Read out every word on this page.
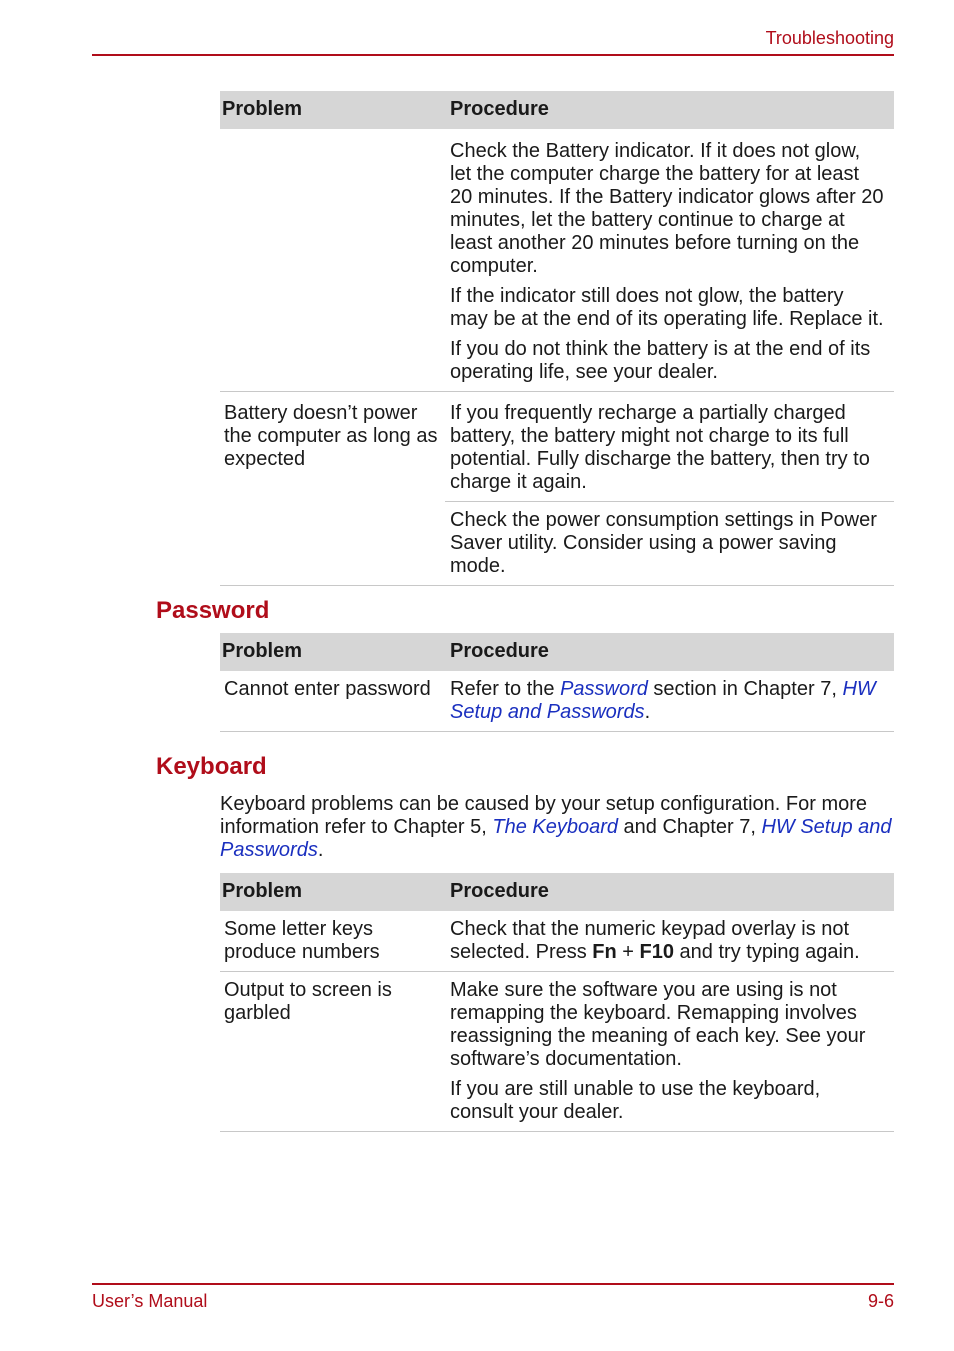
Troubleshooting
Problem	Procedure

	Check the Battery indicator. If it does not glow, let the computer charge the battery for at least 20 minutes. If the Battery indicator glows after 20 minutes, let the battery continue to charge at least another 20 minutes before turning on the computer.

If the indicator still does not glow, the battery may be at the end of its operating life. Replace it.

If you do not think the battery is at the end of its operating life, see your dealer.

Battery doesn’t power the computer as long as expected	If you frequently recharge a partially charged battery, the battery might not charge to its full potential. Fully discharge the battery, then try to charge it again.

Check the power consumption settings in Power Saver utility. Consider using a power saving mode.

Password
Problem	Procedure

Cannot enter password	Refer to the Password section in Chapter 7, HW Setup and Passwords.

Keyboard

Keyboard problems can be caused by your setup configuration. For more information refer to Chapter 5, The Keyboard and Chapter 7, HW Setup and Passwords.

Problem	Procedure

Some letter keys produce numbers	Check that the numeric keypad overlay is not selected. Press Fn + F10 and try typing again.

Output to screen is garbled	Make sure the software you are using is not remapping the keyboard. Remapping involves reassigning the meaning of each key. See your software’s documentation.

If you are still unable to use the keyboard, consult your dealer.

User’s Manual	9-6
